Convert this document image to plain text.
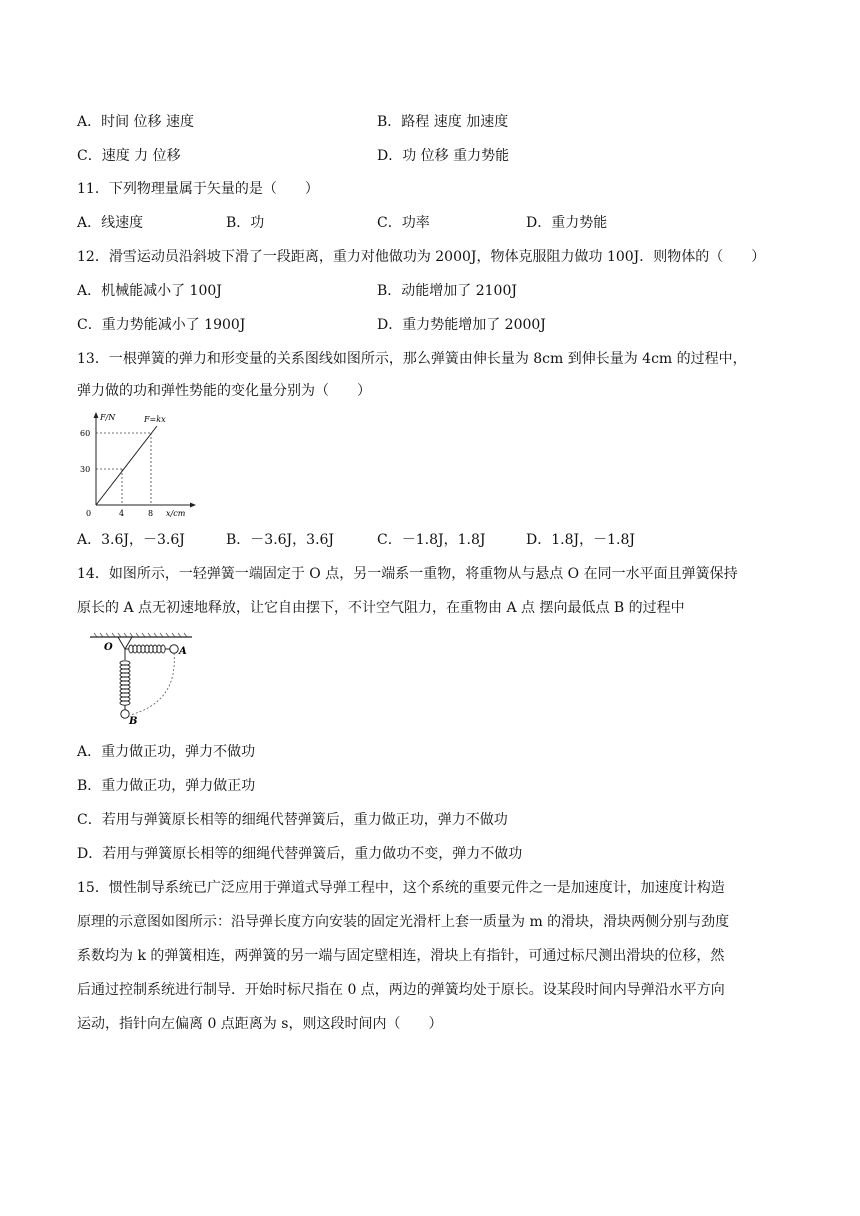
A．时间 位移 速度	B．路程 速度 加速度
C．速度 力 位移	D．功 位移 重力势能
11．下列物理量属于矢量的是（　　）
A．线速度	B．功	C．功率	D．重力势能
12．滑雪运动员沿斜坡下滑了一段距离，重力对他做功为 2000J，物体克服阻力做功 100J．则物体的（　　）
A．机械能减小了 100J	B．动能增加了 2100J
C．重力势能减小了 1900J	D．重力势能增加了 2000J
13．一根弹簧的弹力和形变量的关系图线如图所示，那么弹簧由伸长量为 8cm 到伸长量为 4cm 的过程中，
弹力做的功和弹性势能的变化量分别为（　　）
F/N	F=kx
60
30
0	4	8 x/cm
A．3.6J，－3.6J	B．－3.6J，3.6J	C．－1.8J，1.8J	D．1.8J，－1.8J
14．如图所示，一轻弹簧一端固定于 O 点，另一端系一重物，将重物从与悬点 O 在同一水平面且弹簧保持
原长的 A 点无初速地释放，让它自由摆下，不计空气阻力，在重物由 A 点 摆向最低点 B 的过程中
O	A
B
A．重力做正功，弹力不做功
B．重力做正功，弹力做正功
C．若用与弹簧原长相等的细绳代替弹簧后，重力做正功，弹力不做功
D．若用与弹簧原长相等的细绳代替弹簧后，重力做功不变，弹力不做功
15．惯性制导系统已广泛应用于弹道式导弹工程中，这个系统的重要元件之一是加速度计，加速度计构造
原理的示意图如图所示：沿导弹长度方向安装的固定光滑杆上套一质量为 m 的滑块，滑块两侧分别与劲度
系数均为 k 的弹簧相连，两弹簧的另一端与固定壁相连，滑块上有指针，可通过标尺测出滑块的位移，然
后通过控制系统进行制导．开始时标尺指在 0 点，两边的弹簧均处于原长。设某段时间内导弹沿水平方向
运动，指针向左偏离 0 点距离为 s，则这段时间内（　　）
